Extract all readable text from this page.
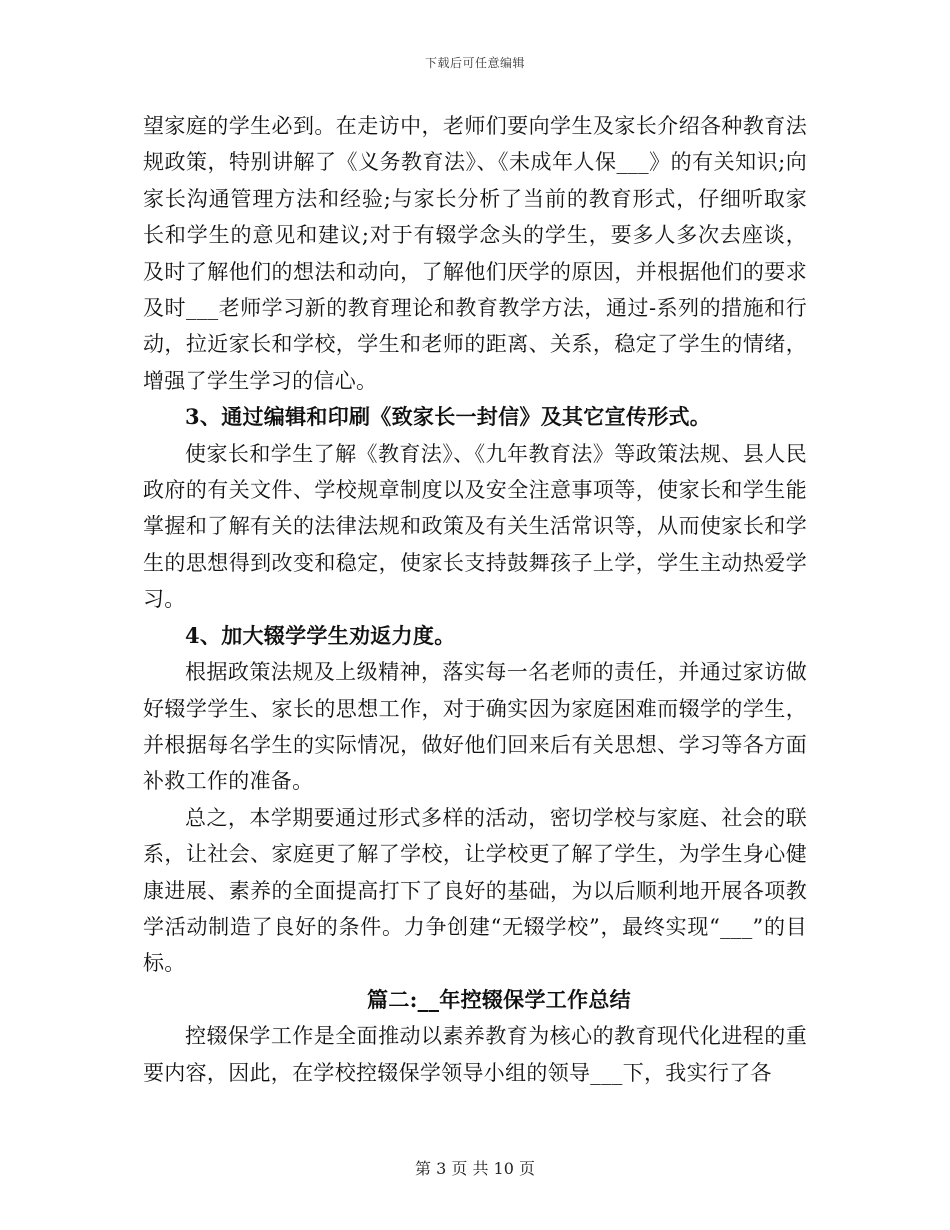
下载后可任意编辑

望家庭的学生必到。在走访中，老师们要向学生及家长介绍各种教育法规政策，特别讲解了《义务教育法》、《未成年人保___》的有关知识;向家长沟通管理方法和经验;与家长分析了当前的教育形式，仔细听取家长和学生的意见和建议;对于有辍学念头的学生，要多人多次去座谈，及时了解他们的想法和动向，了解他们厌学的原因，并根据他们的要求及时___老师学习新的教育理论和教育教学方法，通过-系列的措施和行动，拉近家长和学校，学生和老师的距离、关系，稳定了学生的情绪，增强了学生学习的信心。

3、通过编辑和印刷《致家长一封信》及其它宣传形式。

使家长和学生了解《教育法》、《九年教育法》等政策法规、县人民政府的有关文件、学校规章制度以及安全注意事项等，使家长和学生能掌握和了解有关的法律法规和政策及有关生活常识等，从而使家长和学生的思想得到改变和稳定，使家长支持鼓舞孩子上学，学生主动热爱学习。

4、加大辍学学生劝返力度。

根据政策法规及上级精神，落实每一名老师的责任，并通过家访做好辍学学生、家长的思想工作，对于确实因为家庭困难而辍学的学生，并根据每名学生的实际情况，做好他们回来后有关思想、学习等各方面补救工作的准备。

总之，本学期要通过形式多样的活动，密切学校与家庭、社会的联系，让社会、家庭更了解了学校，让学校更了解了学生，为学生身心健康进展、素养的全面提高打下了良好的基础，为以后顺利地开展各项教学活动制造了良好的条件。力争创建“无辍学校”，最终实现“___”的目标。

篇二:__年控辍保学工作总结

控辍保学工作是全面推动以素养教育为核心的教育现代化进程的重要内容，因此，在学校控辍保学领导小组的领导___下，我实行了各

第 3 页 共 10 页
